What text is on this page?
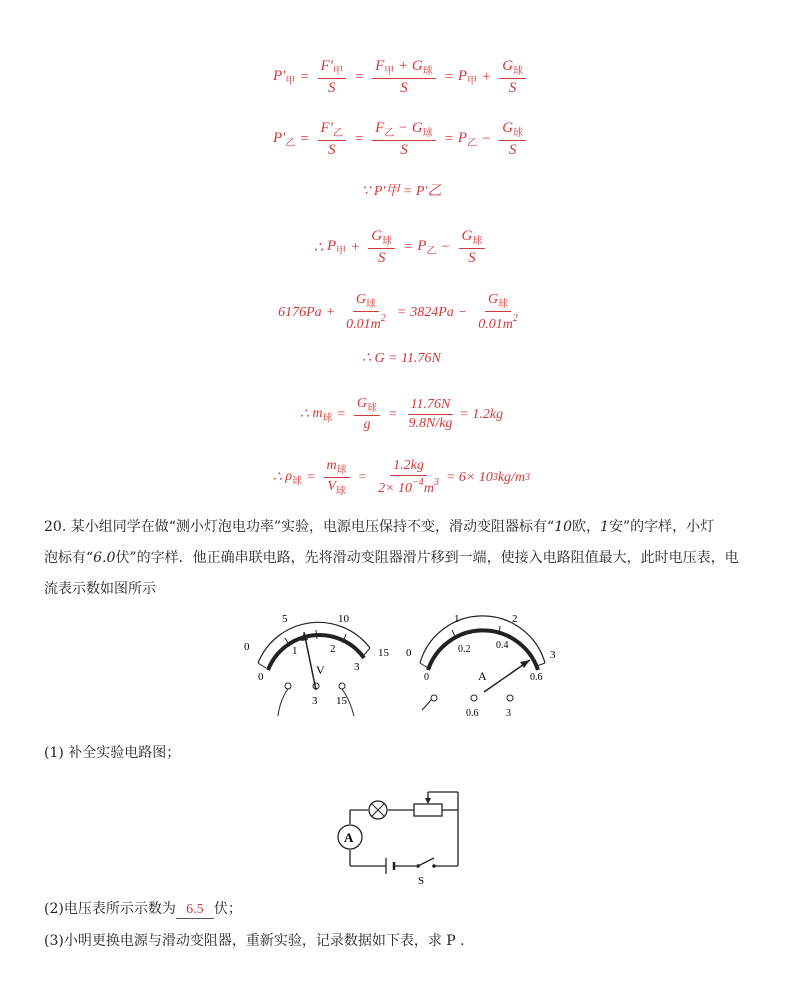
$P'_甲 = \frac{F'_甲}{S} = \frac{F_甲 + G_球}{S} = P_甲 + \frac{G_球}{S}$
$P'_乙 = \frac{F'_乙}{S} = \frac{F_乙 - G_球}{S} = P_乙 - \frac{G_球}{S}$
∵ P′甲 = P′乙
∴
$P_甲 + \frac{G_球}{S} = P_乙 - \frac{G_球}{S}$
$6176Pa + \frac{G_球}{0.01m^2} = 3824Pa - \frac{G_球}{0.01m^2}$
∴ G = 11.76N
∴
$m_球 = \frac{G_球}{g} = \frac{11.76N}{9.8N/kg} = 1.2kg$
∴
$\rho_球 = \frac{m_球}{V_球} = \frac{1.2kg}{2\times 10^{-4}m^3} = 6\times 10$ 3 kg/m 3
20. 某小组同学在做“测小灯泡电功率”实验，电源电压保持不变，滑动变阻器标有“10欧，1安”的字样，小灯
泡标有“6.0伏”的字样．他正确串联电路，先将滑动变阻器滑片移到一端，使接入电路阻值最大，此时电压表，电
流表示数如图所示
0
5	10
15
0
1	2
3
V
3 15
0
1	2
3
0
0.2	0.4
0.6
A
0.6	3
(1) 补全实验电路图；
A
S
(2)电压表所示示数为 6.5 伏；
(3)小明更换电源与滑动变阻器，重新实验，记录数据如下表，求 P .
